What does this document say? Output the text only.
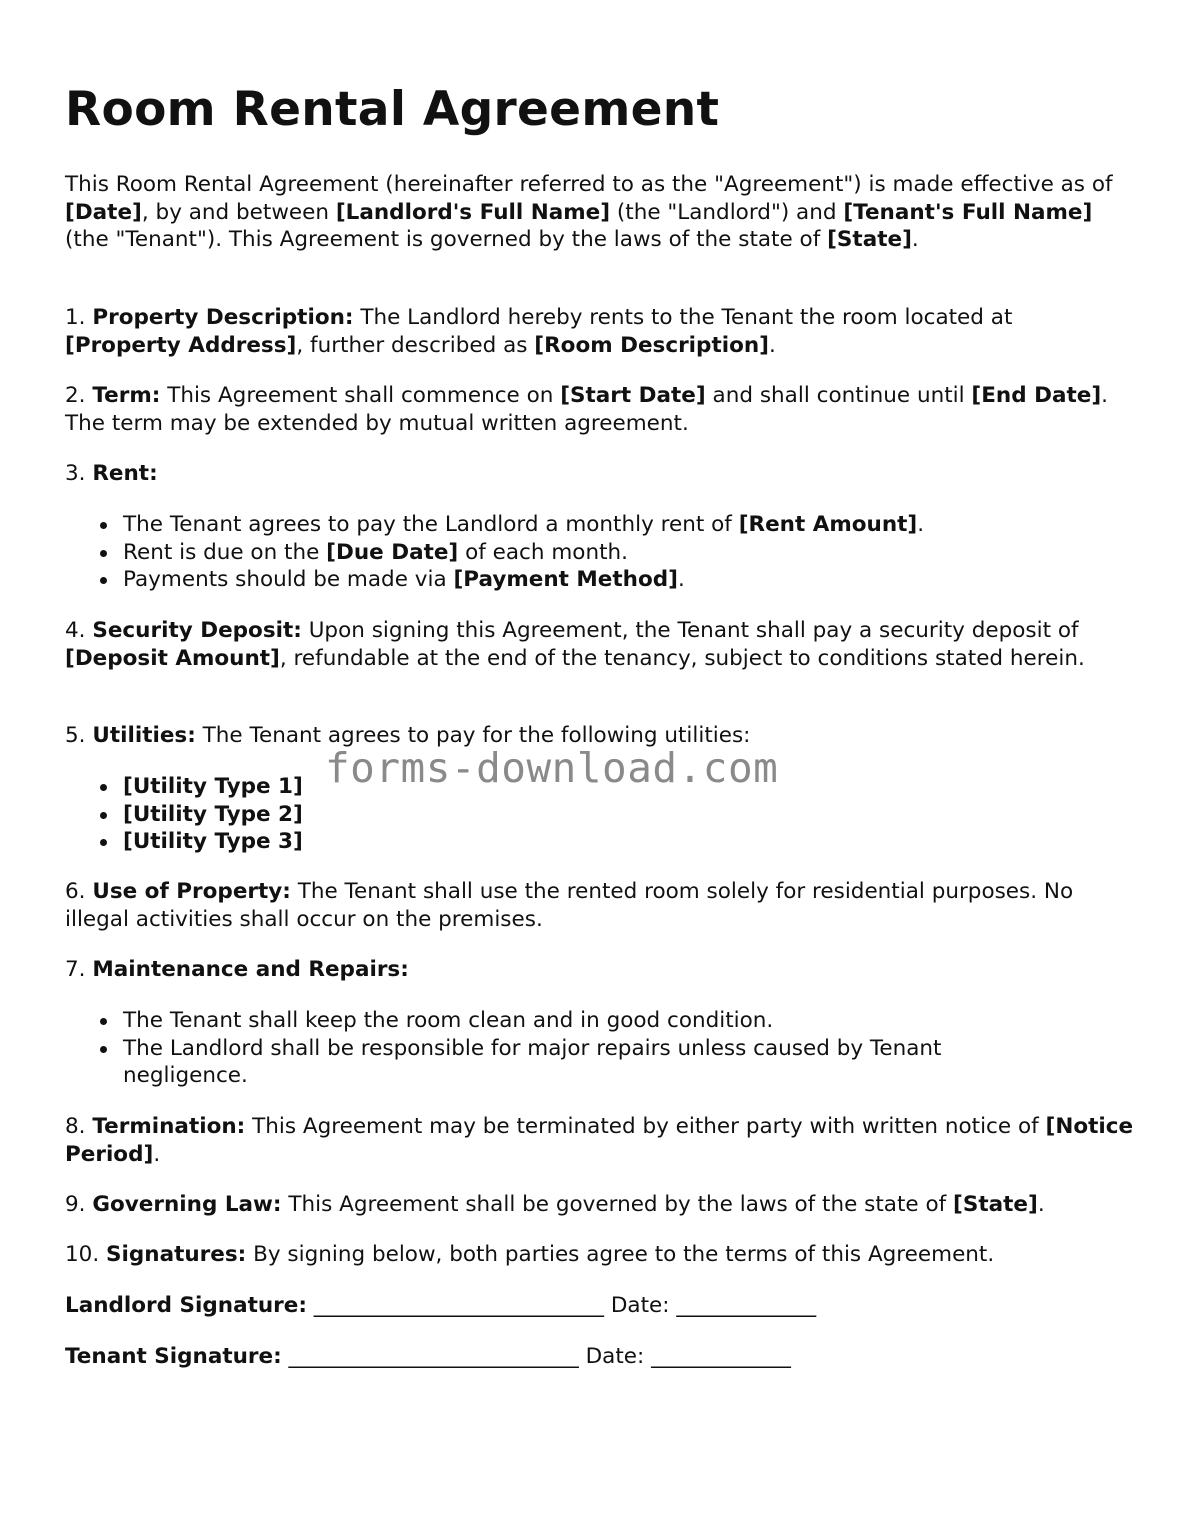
Room Rental Agreement

This Room Rental Agreement (hereinafter referred to as the "Agreement") is made effective as of [Date], by and between [Landlord's Full Name] (the "Landlord") and [Tenant's Full Name] (the "Tenant"). This Agreement is governed by the laws of the state of [State].

1. Property Description: The Landlord hereby rents to the Tenant the room located at [Property Address], further described as [Room Description].

2. Term: This Agreement shall commence on [Start Date] and shall continue until [End Date]. The term may be extended by mutual written agreement.

3. Rent:

The Tenant agrees to pay the Landlord a monthly rent of [Rent Amount].
Rent is due on the [Due Date] of each month.
Payments should be made via [Payment Method].

4. Security Deposit: Upon signing this Agreement, the Tenant shall pay a security deposit of [Deposit Amount], refundable at the end of the tenancy, subject to conditions stated herein.

5. Utilities: The Tenant agrees to pay for the following utilities:

[Utility Type 1]
[Utility Type 2]
[Utility Type 3]

6. Use of Property: The Tenant shall use the rented room solely for residential purposes. No illegal activities shall occur on the premises.

7. Maintenance and Repairs:

The Tenant shall keep the room clean and in good condition.
The Landlord shall be responsible for major repairs unless caused by Tenant negligence.

8. Termination: This Agreement may be terminated by either party with written notice of [Notice Period].

9. Governing Law: This Agreement shall be governed by the laws of the state of [State].

10. Signatures: By signing below, both parties agree to the terms of this Agreement.

Landlord Signature: ___________________________ Date: _____________
Tenant Signature: ___________________________ Date: _____________
forms-download.com
